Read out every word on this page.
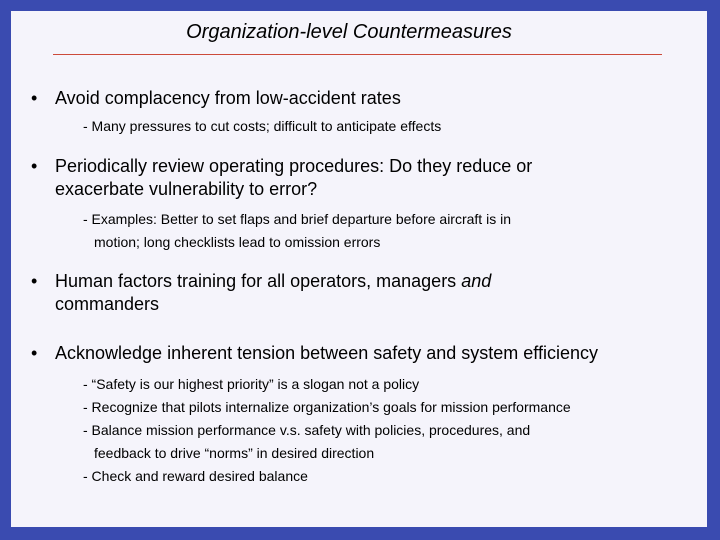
Organization-level Countermeasures
• Avoid complacency from low-accident rates
- Many pressures to cut costs; difficult to anticipate effects
• Periodically review operating procedures: Do they reduce or
exacerbate vulnerability to error?
- Examples: Better to set flaps and brief departure before aircraft is in
motion; long checklists lead to omission errors
• Human factors training for all operators, managers and
commanders
• Acknowledge inherent tension between safety and system efficiency
- “Safety is our highest priority” is a slogan not a policy
- Recognize that pilots internalize organization’s goals for mission performance
- Balance mission performance v.s. safety with policies, procedures, and
feedback to drive “norms” in desired direction
- Check and reward desired balance
